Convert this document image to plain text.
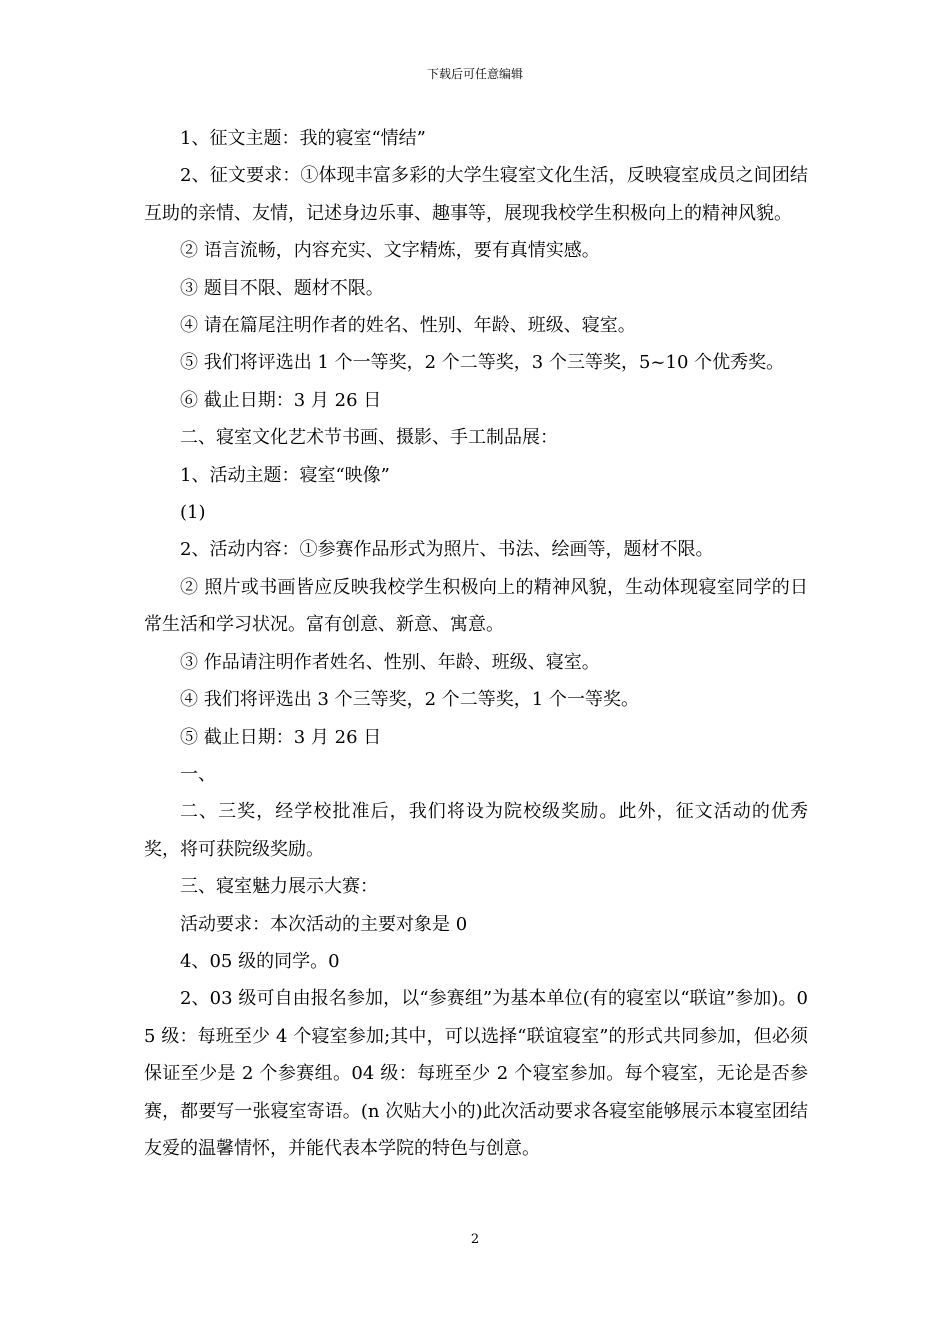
下载后可任意编辑

1、征文主题：我的寝室“情结”

2、征文要求：①体现丰富多彩的大学生寝室文化生活，反映寝室成员之间团结互助的亲情、友情，记述身边乐事、趣事等，展现我校学生积极向上的精神风貌。

② 语言流畅，内容充实、文字精炼，要有真情实感。

③ 题目不限、题材不限。

④ 请在篇尾注明作者的姓名、性别、年龄、班级、寝室。

⑤ 我们将评选出 1 个一等奖，2 个二等奖，3 个三等奖，5~10 个优秀奖。

⑥ 截止日期：3 月 26 日

二、寝室文化艺术节书画、摄影、手工制品展：

1、活动主题：寝室“映像”

(1)

2、活动内容：①参赛作品形式为照片、书法、绘画等，题材不限。

② 照片或书画皆应反映我校学生积极向上的精神风貌，生动体现寝室同学的日常生活和学习状况。富有创意、新意、寓意。

③ 作品请注明作者姓名、性别、年龄、班级、寝室。

④ 我们将评选出 3 个三等奖，2 个二等奖，1 个一等奖。

⑤ 截止日期：3 月 26 日

一、

二、三奖，经学校批准后，我们将设为院校级奖励。此外，征文活动的优秀奖，将可获院级奖励。

三、寝室魅力展示大赛：

活动要求：本次活动的主要对象是 0

4、05 级的同学。0

2、03 级可自由报名参加，以“参赛组”为基本单位(有的寝室以“联谊”参加)。05 级：每班至少 4 个寝室参加;其中，可以选择“联谊寝室”的形式共同参加，但必须保证至少是 2 个参赛组。04 级：每班至少 2 个寝室参加。每个寝室，无论是否参赛，都要写一张寝室寄语。(n 次贴大小的)此次活动要求各寝室能够展示本寝室团结友爱的温馨情怀，并能代表本学院的特色与创意。

2
